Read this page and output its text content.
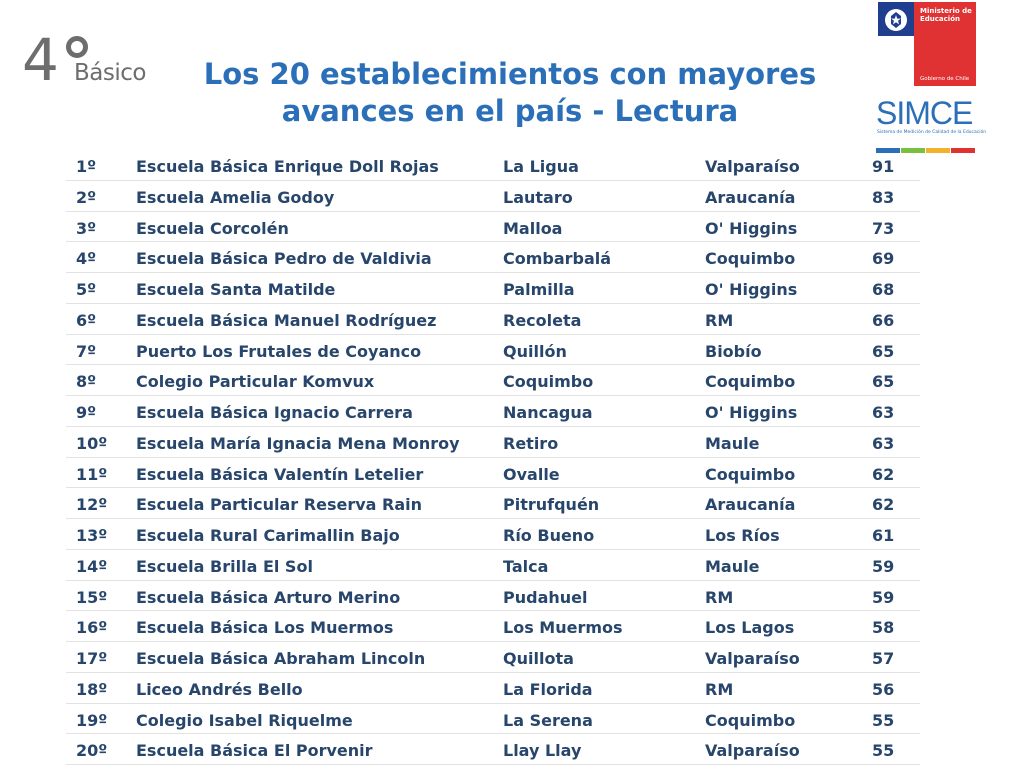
4 Básico	Los 20 establecimientos con mayores
avances en el país - Lectura
Ministerio de
Educación
Gobierno de Chile
SIMCE
Sistema de Medición de Calidad de la Educación
1º Escuela Básica Enrique Doll Rojas	La Ligua	Valparaíso	91
2º Escuela Amelia Godoy	Lautaro	Araucanía	83
3º Escuela Corcolén	Malloa	O' Higgins	73
4º Escuela Básica Pedro de Valdivia	Combarbalá	Coquimbo	69
5º Escuela Santa Matilde	Palmilla	O' Higgins	68
6º Escuela Básica Manuel Rodríguez	Recoleta	RM	66
7º Puerto Los Frutales de Coyanco	Quillón	Biobío	65
8º Colegio Particular Komvux	Coquimbo	Coquimbo	65
9º Escuela Básica Ignacio Carrera	Nancagua	O' Higgins	63
10º Escuela María Ignacia Mena Monroy	Retiro	Maule	63
11º Escuela Básica Valentín Letelier	Ovalle	Coquimbo	62
12º Escuela Particular Reserva Rain	Pitrufquén	Araucanía	62
13º Escuela Rural Carimallin Bajo	Río Bueno	Los Ríos	61
14º Escuela Brilla El Sol	Talca	Maule	59
15º Escuela Básica Arturo Merino	Pudahuel	RM	59
16º Escuela Básica Los Muermos	Los Muermos	Los Lagos	58
17º Escuela Básica Abraham Lincoln	Quillota	Valparaíso	57
18º Liceo Andrés Bello	La Florida	RM	56
19º Colegio Isabel Riquelme	La Serena	Coquimbo	55
20º Escuela Básica El Porvenir	Llay Llay	Valparaíso	55
